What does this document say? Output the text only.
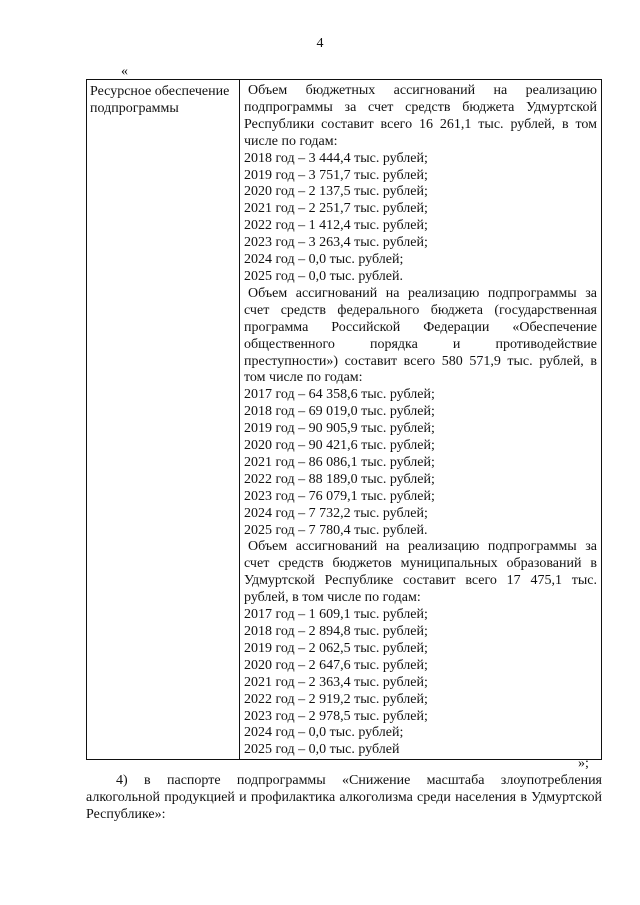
4
«
Ресурсное обеспечение подпрограммы

Объем бюджетных ассигнований на реализацию подпрограммы за счет средств бюджета Удмуртской Республики составит всего 16 261,1 тыс. рублей, в том числе по годам:
2018 год – 3 444,4 тыс. рублей;
2019 год – 3 751,7 тыс. рублей;
2020 год – 2 137,5 тыс. рублей;
2021 год – 2 251,7 тыс. рублей;
2022 год – 1 412,4 тыс. рублей;
2023 год – 3 263,4 тыс. рублей;
2024 год – 0,0 тыс. рублей;
2025 год – 0,0 тыс. рублей.
Объем ассигнований на реализацию подпрограммы за счет средств федерального бюджета (государственная программа Российской Федерации «Обеспечение общественного порядка и противодействие преступности») составит всего 580 571,9 тыс. рублей, в том числе по годам:
2017 год – 64 358,6 тыс. рублей;
2018 год – 69 019,0 тыс. рублей;
2019 год – 90 905,9 тыс. рублей;
2020 год – 90 421,6 тыс. рублей;
2021 год – 86 086,1 тыс. рублей;
2022 год – 88 189,0 тыс. рублей;
2023 год – 76 079,1 тыс. рублей;
2024 год – 7 732,2 тыс. рублей;
2025 год – 7 780,4 тыс. рублей.
Объем ассигнований на реализацию подпрограммы за счет средств бюджетов муниципальных образований в Удмуртской Республике составит всего 17 475,1 тыс. рублей, в том числе по годам:
2017 год – 1 609,1 тыс. рублей;
2018 год – 2 894,8 тыс. рублей;
2019 год – 2 062,5 тыс. рублей;
2020 год – 2 647,6 тыс. рублей;
2021 год – 2 363,4 тыс. рублей;
2022 год – 2 919,2 тыс. рублей;
2023 год – 2 978,5 тыс. рублей;
2024 год – 0,0 тыс. рублей;
2025 год – 0,0 тыс. рублей
»;
4) в паспорте подпрограммы «Снижение масштаба злоупотребления алкогольной продукцией и профилактика алкоголизма среди населения в Удмуртской Республике»:
